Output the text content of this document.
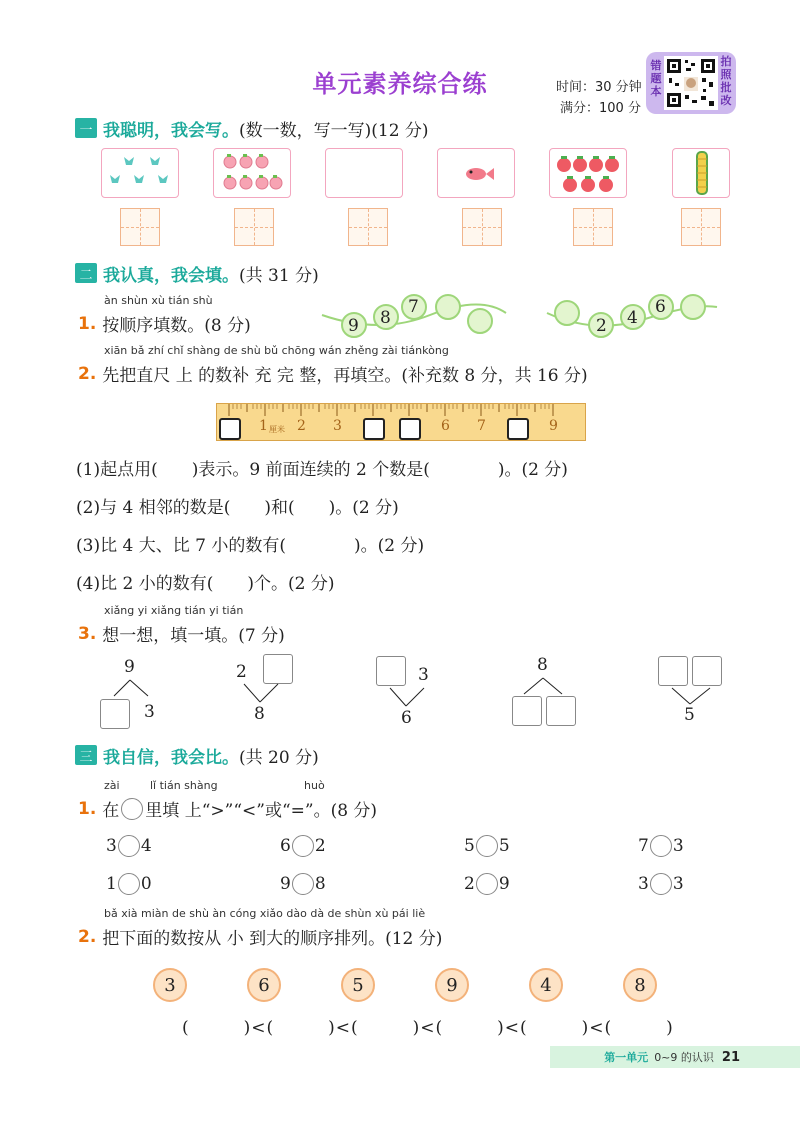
单元素养综合练	时间：30 分钟
满分：100 分
错题本
拍照批改
一 我聪明，我会写。 (数一数，写一写)(12 分)
二 我认真，我会填。 (共 31 分)
àn shùn xù tián shù
1. 按顺序填数。(8 分)	9 8
7
2 4
6
xiān bǎ zhí chǐ shàng de shù bǔ chōng wán zhěng zài tiánkòng
2. 先把直尺 上 的数补 充 完 整，再填空。(补充数 8 分，共 16 分)
1 厘米 2 3	6 7	9
(1)起点用(　　)表示。9 前面连续的 2 个数是(　　　　)。(2 分)
(2)与 4 相邻的数是(　　)和(　　)。(2 分)
(3)比 4 大、比 7 小的数有(　　　　)。(2 分)
(4)比 2 小的数有(　　)个。(2 分)
xiǎng yi xiǎng tián yi tián
3. 想一想，填一填。(7 分)
9
3
2
8
3
6
8
5
三 我自信，我会比。 (共 20 分)
zài	lǐ tián shàng	huò
1. 在 里填 上“>”“<”或“=”。(8 分)
3 4	6 2	5 5	7 3
1 0	9 8	2 9	3 3
bǎ xià miàn de shù àn cóng xiǎo dào dà de shùn xù pái liè
2. 把下面的数按从 小 到大的顺序排列。(12 分)
3	6	5	9	4	8
(　　　)<(　　　)<(　　　)<(　　　)<(　　　)<(　　　)
第一单元 0~9 的认识 21
